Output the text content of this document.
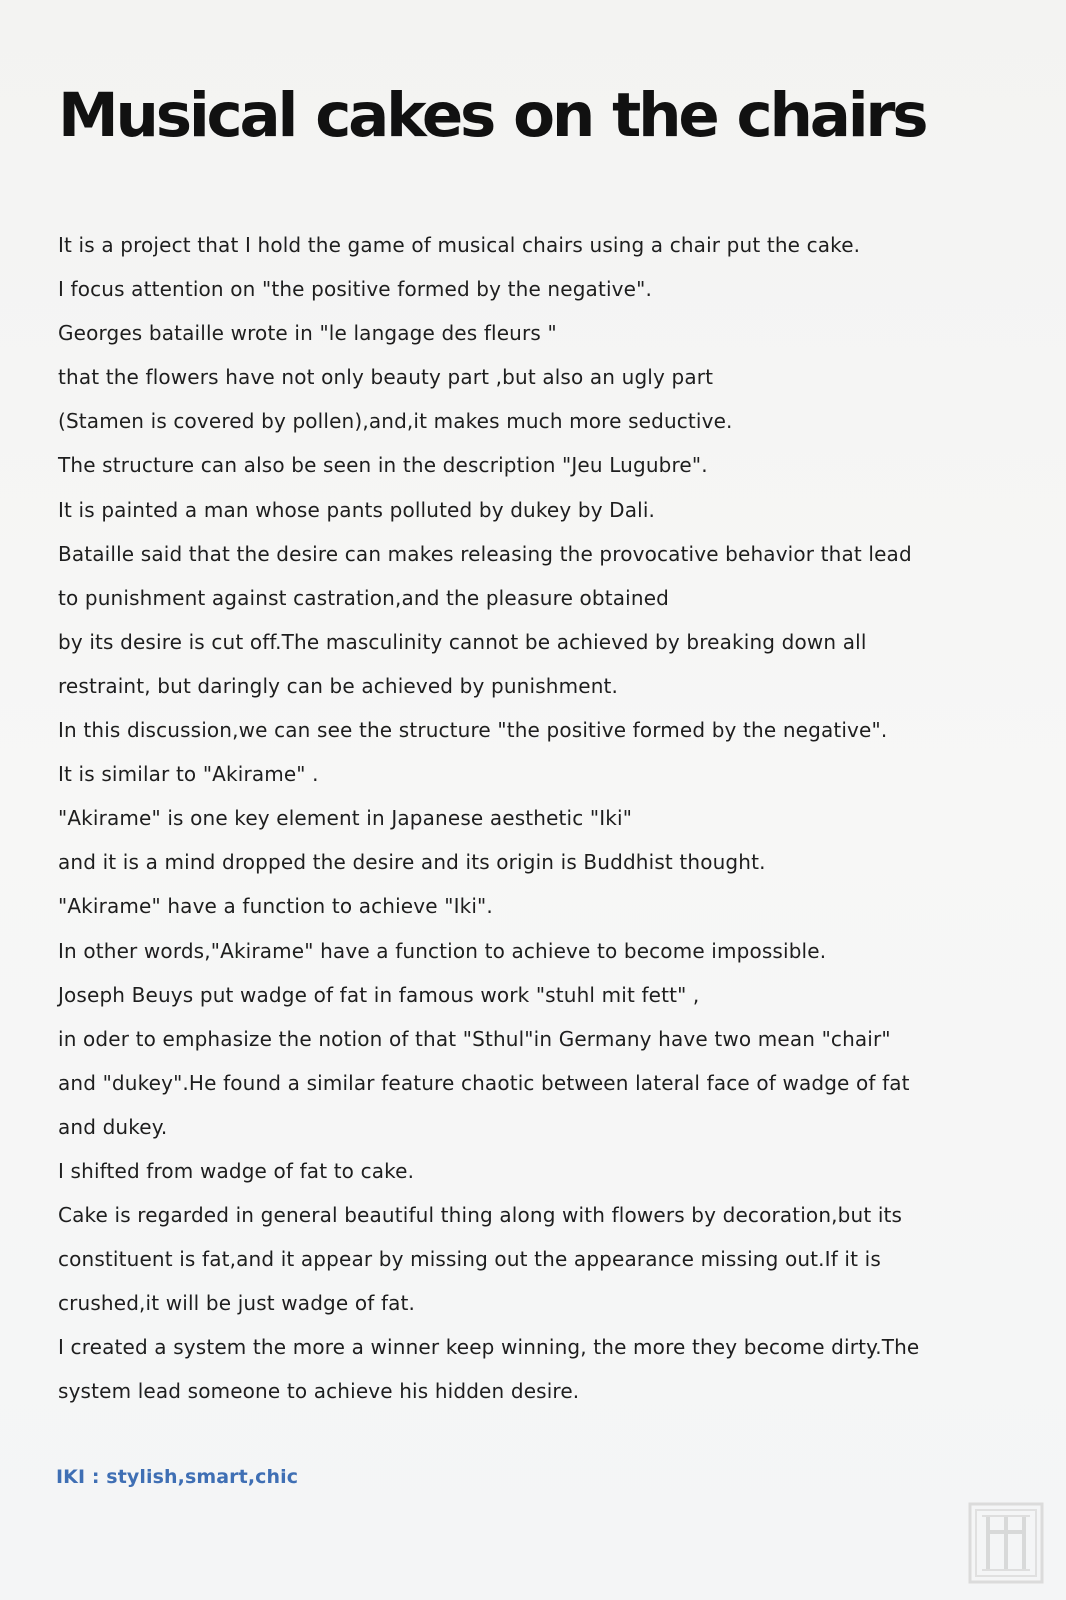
Musical cakes on the chairs
It is a project that I hold the game of musical chairs using a chair put the cake.
I focus attention on "the positive formed by the negative".
Georges bataille wrote in "le langage des fleurs "
that the flowers have not only beauty part ,but also an ugly part
(Stamen is covered by pollen),and,it makes much more seductive.
The structure can also be seen in the description "Jeu Lugubre".
It is painted a man whose pants polluted by dukey by Dali.
Bataille said that the desire can makes releasing the provocative behavior that lead
to punishment against castration,and the pleasure obtained
by its desire is cut off.The masculinity cannot be achieved by breaking down all
restraint, but daringly can be achieved by punishment.
In this discussion,we can see the structure "the positive formed by the negative".
It is similar to "Akirame" .
"Akirame" is one key element in Japanese aesthetic "Iki"
and it is a mind dropped the desire and its origin is Buddhist thought.
"Akirame" have a function to achieve "Iki".
In other words,"Akirame" have a function to achieve to become impossible.
Joseph Beuys put wadge of fat in famous work "stuhl mit fett" ,
in oder to emphasize the notion of that "Sthul"in Germany have two mean "chair"
and "dukey".He found a similar feature chaotic between lateral face of wadge of fat
and dukey.
I shifted from wadge of fat to cake.
Cake is regarded in general beautiful thing along with flowers by decoration,but its
constituent is fat,and it appear by missing out the appearance missing out.If it is
crushed,it will be just wadge of fat.
I created a system the more a winner keep winning, the more they become dirty.The
system lead someone to achieve his hidden desire.
IKI : stylish,smart,chic
